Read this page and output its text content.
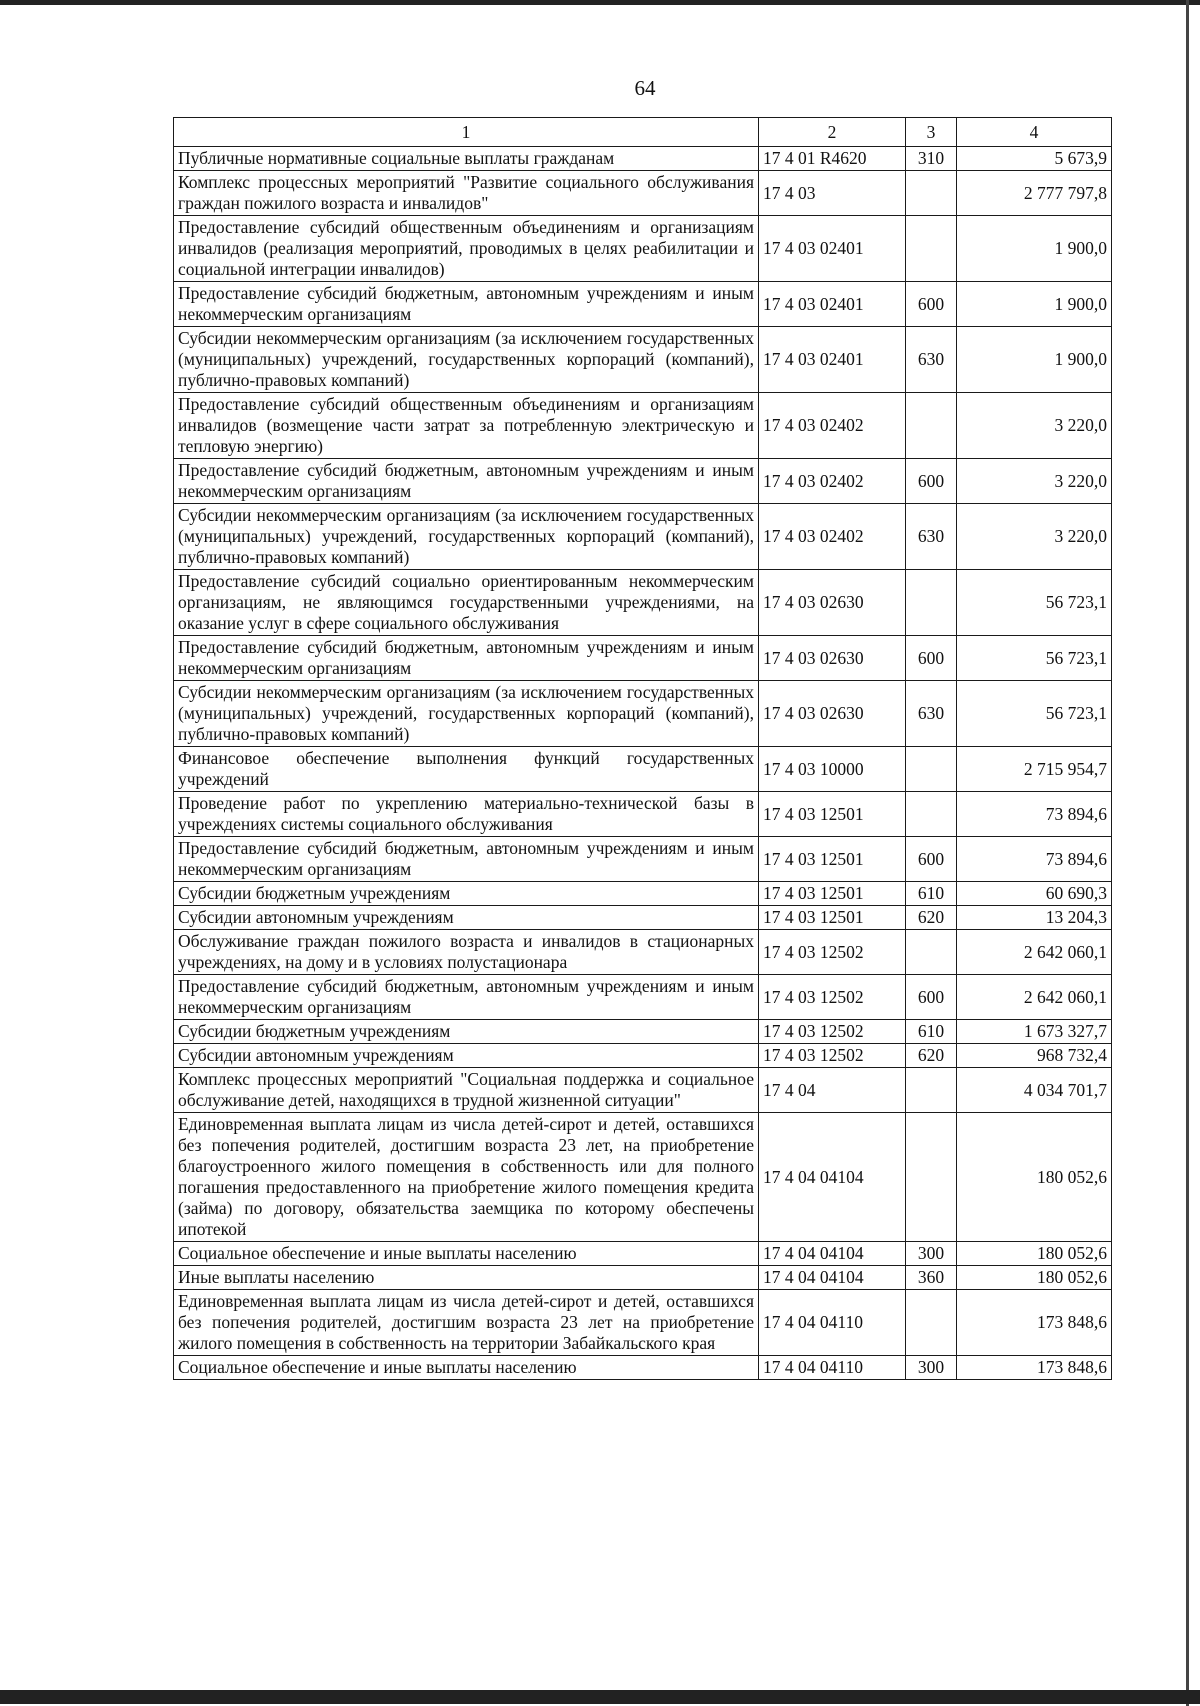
64
1	2	3	4
Публичные нормативные социальные выплаты гражданам	17 4 01 R4620	310	5 673,9
Комплекс процессных мероприятий "Развитие социального обслуживания граждан пожилого возраста и инвалидов"	17 4 03		2 777 797,8
Предоставление субсидий общественным объединениям и организациям инвалидов (реализация мероприятий, проводимых в целях реабилитации и социальной интеграции инвалидов)	17 4 03 02401		1 900,0
Предоставление субсидий бюджетным, автономным учреждениям и иным некоммерческим организациям	17 4 03 02401	600	1 900,0
Субсидии некоммерческим организациям (за исключением государственных (муниципальных) учреждений, государственных корпораций (компаний), публично-правовых компаний)	17 4 03 02401	630	1 900,0
Предоставление субсидий общественным объединениям и организациям инвалидов (возмещение части затрат за потребленную электрическую и тепловую энергию)	17 4 03 02402		3 220,0
Предоставление субсидий бюджетным, автономным учреждениям и иным некоммерческим организациям	17 4 03 02402	600	3 220,0
Субсидии некоммерческим организациям (за исключением государственных (муниципальных) учреждений, государственных корпораций (компаний), публично-правовых компаний)	17 4 03 02402	630	3 220,0
Предоставление субсидий социально ориентированным некоммерческим организациям, не являющимся государственными учреждениями, на оказание услуг в сфере социального обслуживания	17 4 03 02630		56 723,1
Предоставление субсидий бюджетным, автономным учреждениям и иным некоммерческим организациям	17 4 03 02630	600	56 723,1
Субсидии некоммерческим организациям (за исключением государственных (муниципальных) учреждений, государственных корпораций (компаний), публично-правовых компаний)	17 4 03 02630	630	56 723,1
Финансовое обеспечение выполнения функций государственных учреждений	17 4 03 10000		2 715 954,7
Проведение работ по укреплению материально-технической базы в учреждениях системы социального обслуживания	17 4 03 12501		73 894,6
Предоставление субсидий бюджетным, автономным учреждениям и иным некоммерческим организациям	17 4 03 12501	600	73 894,6
Субсидии бюджетным учреждениям	17 4 03 12501	610	60 690,3
Субсидии автономным учреждениям	17 4 03 12501	620	13 204,3
Обслуживание граждан пожилого возраста и инвалидов в стационарных учреждениях, на дому и в условиях полустационара	17 4 03 12502		2 642 060,1
Предоставление субсидий бюджетным, автономным учреждениям и иным некоммерческим организациям	17 4 03 12502	600	2 642 060,1
Субсидии бюджетным учреждениям	17 4 03 12502	610	1 673 327,7
Субсидии автономным учреждениям	17 4 03 12502	620	968 732,4
Комплекс процессных мероприятий "Социальная поддержка и социальное обслуживание детей, находящихся в трудной жизненной ситуации"	17 4 04		4 034 701,7
Единовременная выплата лицам из числа детей-сирот и детей, оставшихся без попечения родителей, достигшим возраста 23 лет, на приобретение благоустроенного жилого помещения в собственность или для полного погашения предоставленного на приобретение жилого помещения кредита (займа) по договору, обязательства заемщика по которому обеспечены ипотекой	17 4 04 04104		180 052,6
Социальное обеспечение и иные выплаты населению	17 4 04 04104	300	180 052,6
Иные выплаты населению	17 4 04 04104	360	180 052,6
Единовременная выплата лицам из числа детей-сирот и детей, оставшихся без попечения родителей, достигшим возраста 23 лет на приобретение жилого помещения в собственность на территории Забайкальского края	17 4 04 04110		173 848,6
Социальное обеспечение и иные выплаты населению	17 4 04 04110	300	173 848,6
